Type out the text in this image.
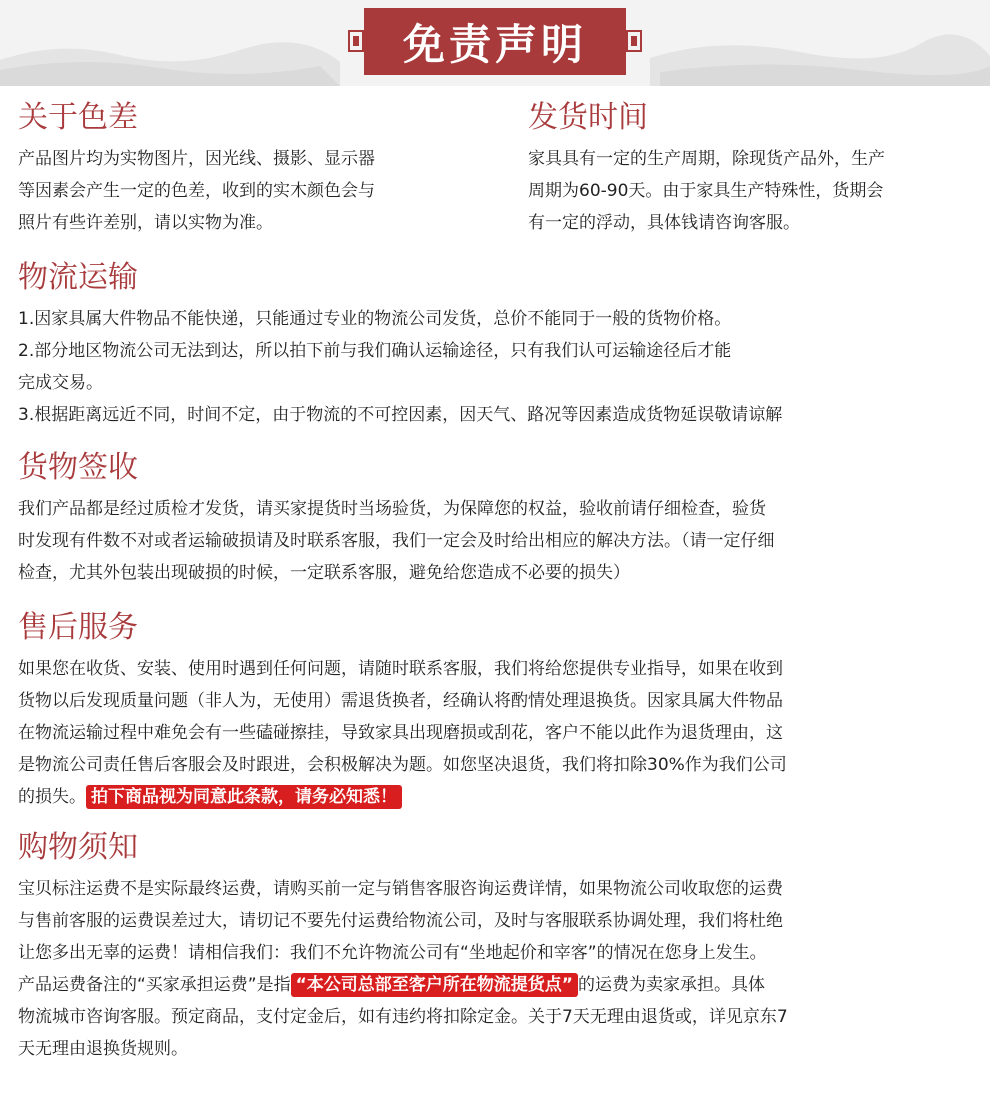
免责声明
关于色差
产品图片均为实物图片，因光线、摄影、显示器
等因素会产生一定的色差，收到的实木颜色会与
照片有些许差别，请以实物为准。
发货时间
家具具有一定的生产周期，除现货产品外，生产
周期为60-90天。由于家具生产特殊性，货期会
有一定的浮动，具体钱请咨询客服。
物流运输
1.因家具属大件物品不能快递，只能通过专业的物流公司发货，总价不能同于一般的货物价格。
2.部分地区物流公司无法到达，所以拍下前与我们确认运输途径，只有我们认可运输途径后才能
完成交易。
3.根据距离远近不同，时间不定，由于物流的不可控因素，因天气、路况等因素造成货物延误敬请谅解
货物签收
我们产品都是经过质检才发货，请买家提货时当场验货，为保障您的权益，验收前请仔细检查，验货
时发现有件数不对或者运输破损请及时联系客服，我们一定会及时给出相应的解决方法。（请一定仔细
检查，尤其外包装出现破损的时候，一定联系客服，避免给您造成不必要的损失）
售后服务
如果您在收货、安装、使用时遇到任何问题，请随时联系客服，我们将给您提供专业指导，如果在收到
货物以后发现质量问题（非人为，无使用）需退货换者，经确认将酌情处理退换货。因家具属大件物品
在物流运输过程中难免会有一些磕碰擦挂，导致家具出现磨损或刮花，客户不能以此作为退货理由，这
是物流公司责任售后客服会及时跟进，会积极解决为题。如您坚决退货，我们将扣除30%作为我们公司
的损失。 拍下商品视为同意此条款，请务必知悉！
购物须知
宝贝标注运费不是实际最终运费，请购买前一定与销售客服咨询运费详情，如果物流公司收取您的运费
与售前客服的运费误差过大，请切记不要先付运费给物流公司，及时与客服联系协调处理，我们将杜绝
让您多出无辜的运费！请相信我们：我们不允许物流公司有“坐地起价和宰客”的情况在您身上发生。
产品运费备注的“买家承担运费”是指 “本公司总部至客户所在物流提货点” 的运费为卖家承担。具体
物流城市咨询客服。预定商品，支付定金后，如有违约将扣除定金。关于7天无理由退货或，详见京东7
天无理由退换货规则。
